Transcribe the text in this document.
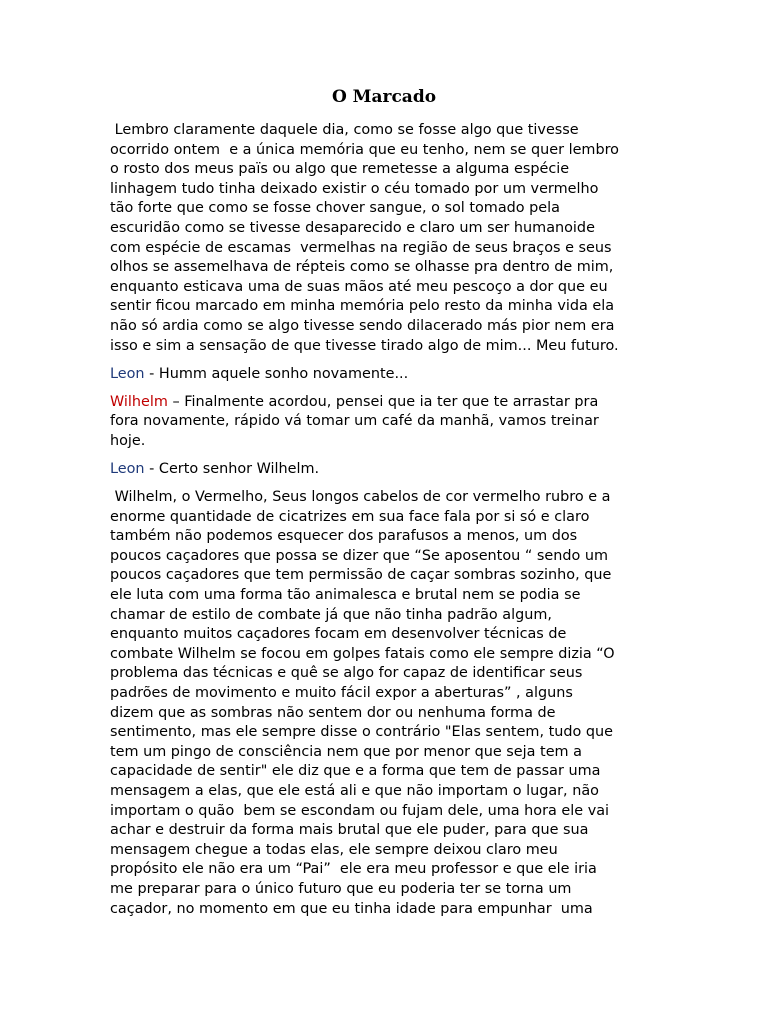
O Marcado

Lembro claramente daquele dia, como se fosse algo que tivesse
ocorrido ontem  e a única memória que eu tenho, nem se quer lembro
o rosto dos meus païs ou algo que remetesse a alguma espécie
linhagem tudo tinha deixado existir o céu tomado por um vermelho
tão forte que como se fosse chover sangue, o sol tomado pela
escuridão como se tivesse desaparecido e claro um ser humanoide
com espécie de escamas  vermelhas na região de seus braços e seus
olhos se assemelhava de répteis como se olhasse pra dentro de mim,
enquanto esticava uma de suas mãos até meu pescoço a dor que eu
sentir ficou marcado em minha memória pelo resto da minha vida ela
não só ardia como se algo tivesse sendo dilacerado más pior nem era
isso e sim a sensação de que tivesse tirado algo de mim... Meu futuro.

Leon - Humm aquele sonho novamente...

Wilhelm – Finalmente acordou, pensei que ia ter que te arrastar pra
fora novamente, rápido vá tomar um café da manhã, vamos treinar
hoje.

Leon - Certo senhor Wilhelm.

Wilhelm, o Vermelho, Seus longos cabelos de cor vermelho rubro e a
enorme quantidade de cicatrizes em sua face fala por si só e claro
também não podemos esquecer dos parafusos a menos, um dos
poucos caçadores que possa se dizer que “Se aposentou “ sendo um
poucos caçadores que tem permissão de caçar sombras sozinho, que
ele luta com uma forma tão animalesca e brutal nem se podia se
chamar de estilo de combate já que não tinha padrão algum,
enquanto muitos caçadores focam em desenvolver técnicas de
combate Wilhelm se focou em golpes fatais como ele sempre dizia “O
problema das técnicas e quê se algo for capaz de identificar seus
padrões de movimento e muito fácil expor a aberturas” , alguns
dizem que as sombras não sentem dor ou nenhuma forma de
sentimento, mas ele sempre disse o contrário "Elas sentem, tudo que
tem um pingo de consciência nem que por menor que seja tem a
capacidade de sentir" ele diz que e a forma que tem de passar uma
mensagem a elas, que ele está ali e que não importam o lugar, não
importam o quão  bem se escondam ou fujam dele, uma hora ele vai
achar e destruir da forma mais brutal que ele puder, para que sua
mensagem chegue a todas elas, ele sempre deixou claro meu
propósito ele não era um “Pai”  ele era meu professor e que ele iria
me preparar para o único futuro que eu poderia ter se torna um
caçador, no momento em que eu tinha idade para empunhar  uma
